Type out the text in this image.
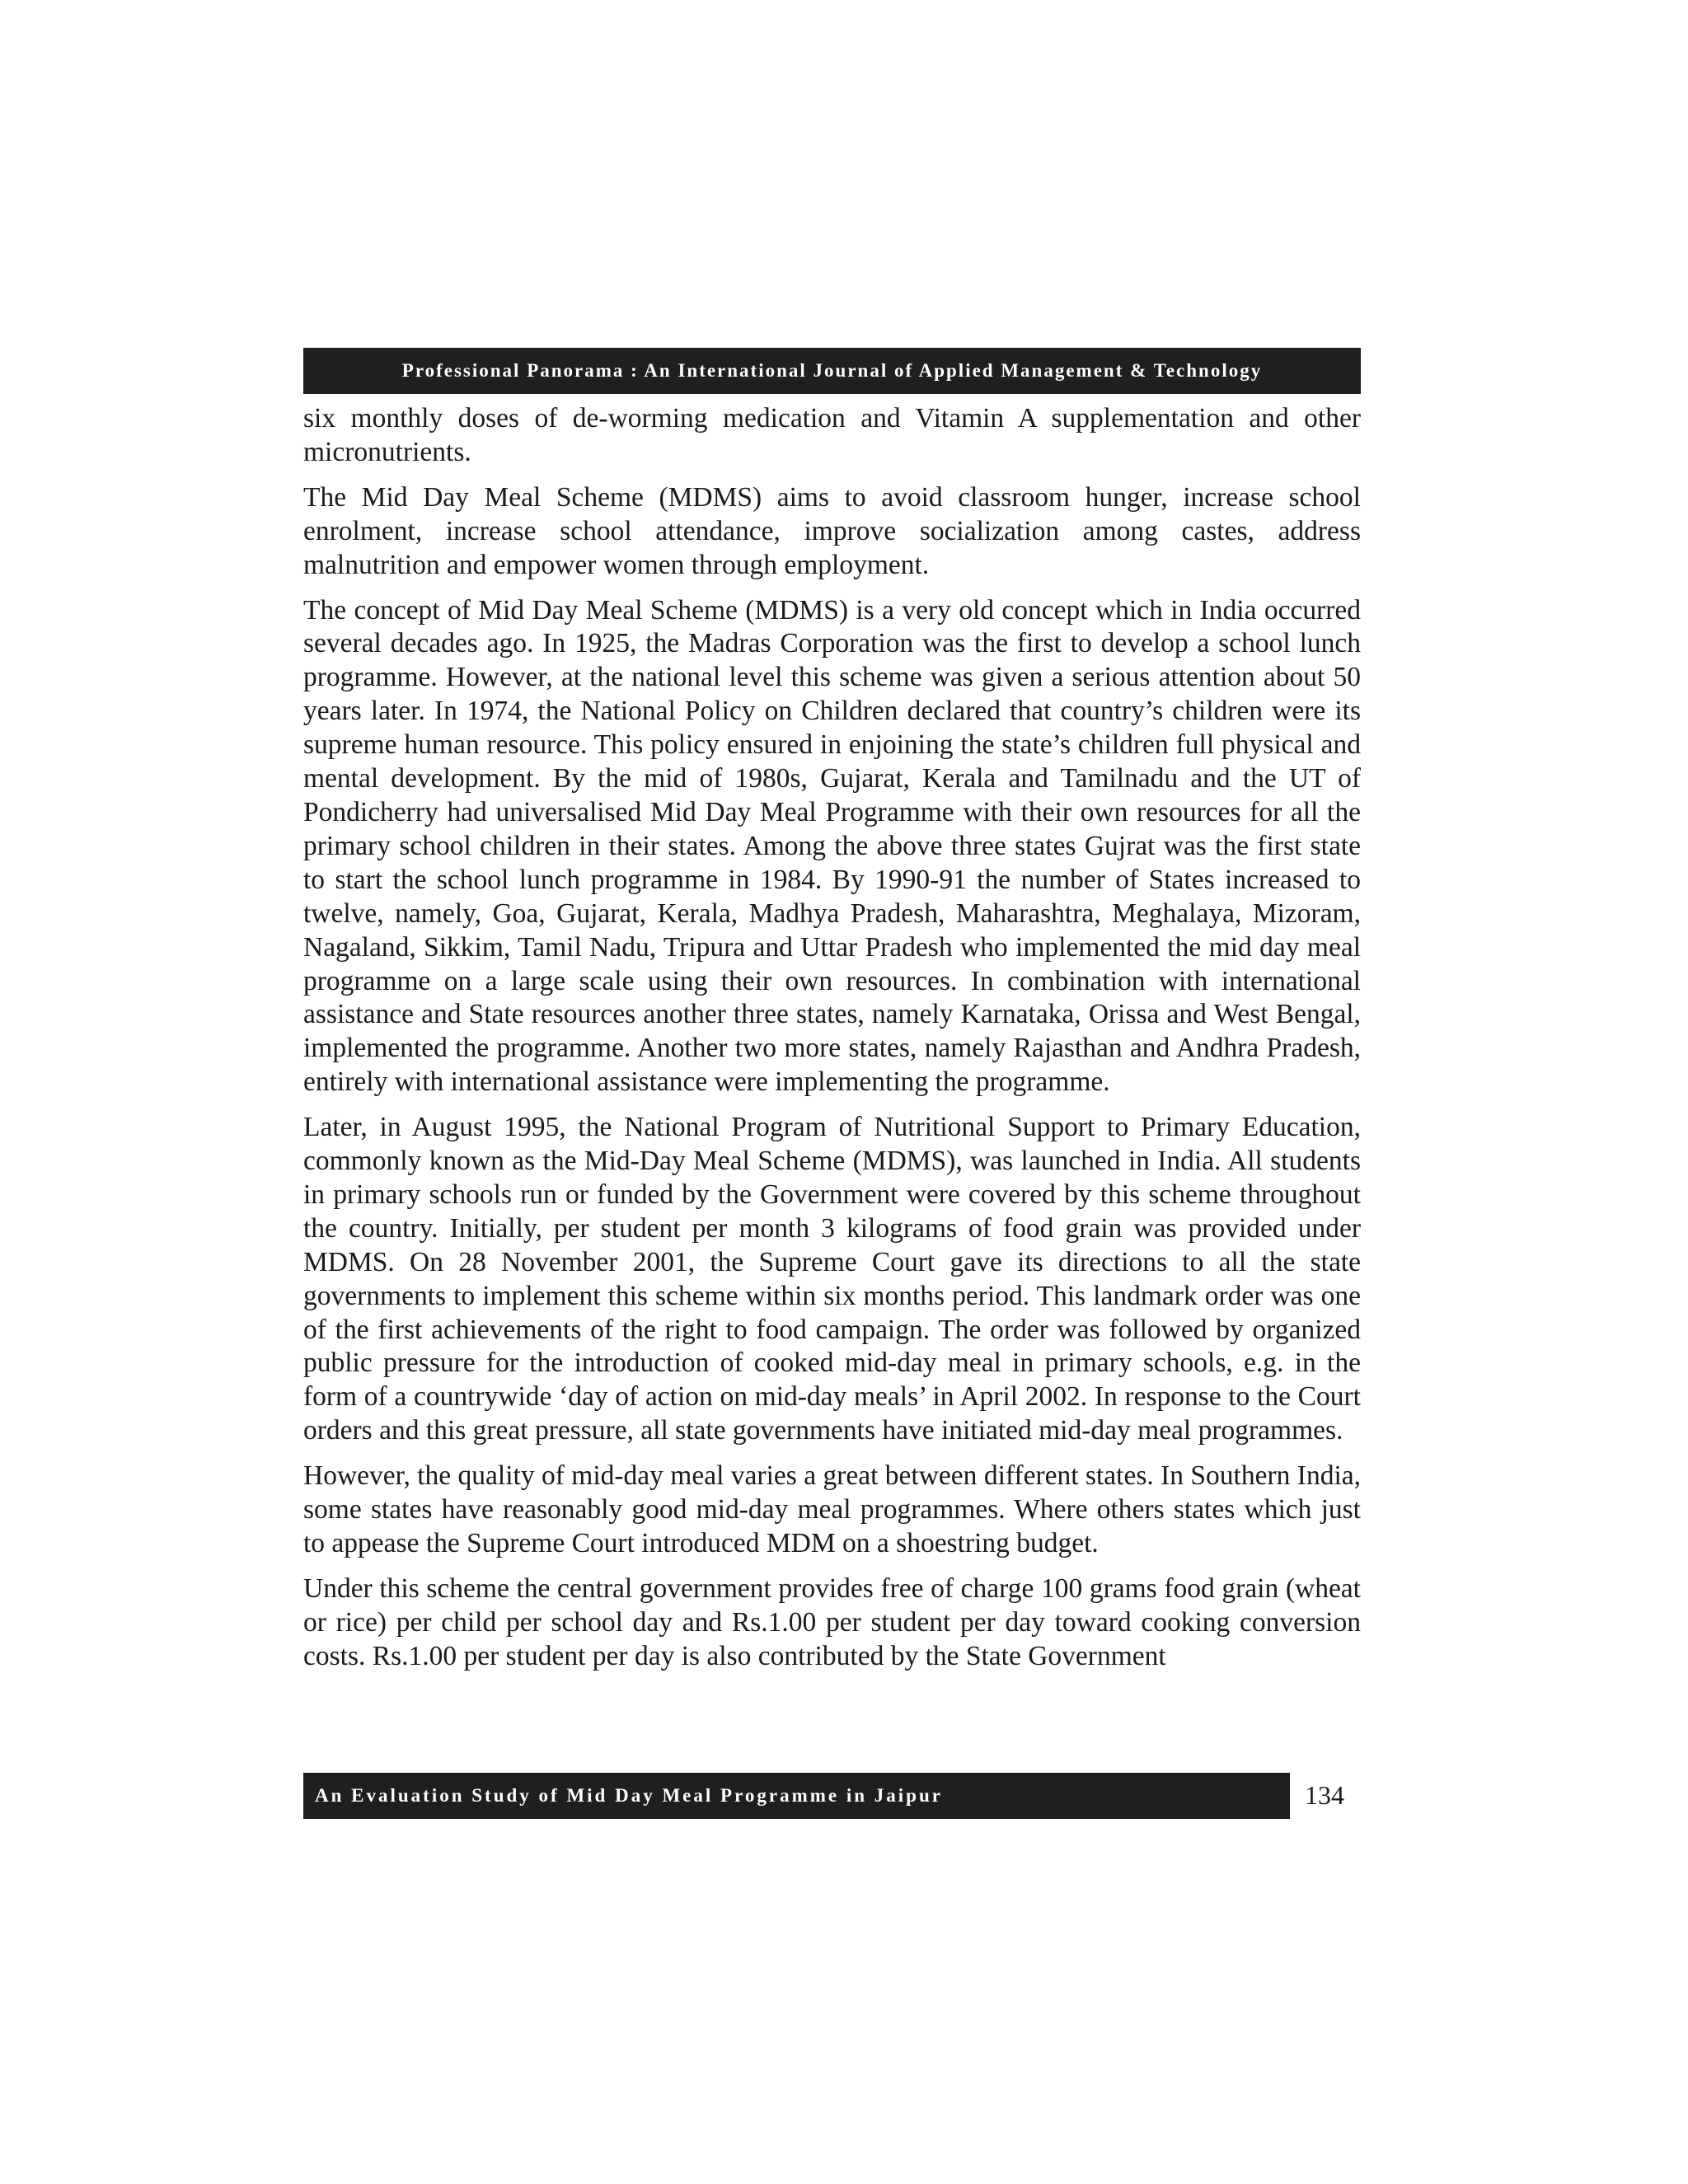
Professional Panorama : An International Journal of Applied Management & Technology

six monthly doses of de-worming medication and Vitamin A supplementation and other micronutrients.

The Mid Day Meal Scheme (MDMS) aims to avoid classroom hunger, increase school enrolment, increase school attendance, improve socialization among castes, address malnutrition and empower women through employment.

The concept of Mid Day Meal Scheme (MDMS) is a very old concept which in India occurred several decades ago. In 1925, the Madras Corporation was the first to develop a school lunch programme. However, at the national level this scheme was given a serious attention about 50 years later. In 1974, the National Policy on Children declared that country’s children were its supreme human resource. This policy ensured in enjoining the state’s children full physical and mental development. By the mid of 1980s, Gujarat, Kerala and Tamilnadu and the UT of Pondicherry had universalised Mid Day Meal Programme with their own resources for all the primary school children in their states. Among the above three states Gujrat was the first state to start the school lunch programme in 1984. By 1990-91 the number of States increased to twelve, namely, Goa, Gujarat, Kerala, Madhya Pradesh, Maharashtra, Meghalaya, Mizoram, Nagaland, Sikkim, Tamil Nadu, Tripura and Uttar Pradesh who implemented the mid day meal programme on a large scale using their own resources. In combination with international assistance and State resources another three states, namely Karnataka, Orissa and West Bengal, implemented the programme. Another two more states, namely Rajasthan and Andhra Pradesh, entirely with international assistance were implementing the programme.

Later, in August 1995, the National Program of Nutritional Support to Primary Education, commonly known as the Mid-Day Meal Scheme (MDMS), was launched in India. All students in primary schools run or funded by the Government were covered by this scheme throughout the country. Initially, per student per month 3 kilograms of food grain was provided under MDMS. On 28 November 2001, the Supreme Court gave its directions to all the state governments to implement this scheme within six months period. This landmark order was one of the first achievements of the right to food campaign. The order was followed by organized public pressure for the introduction of cooked mid-day meal in primary schools, e.g. in the form of a countrywide ‘day of action on mid-day meals’ in April 2002. In response to the Court orders and this great pressure, all state governments have initiated mid-day meal programmes.

However, the quality of mid-day meal varies a great between different states. In Southern India, some states have reasonably good mid-day meal programmes. Where others states which just to appease the Supreme Court introduced MDM on a shoestring budget.

Under this scheme the central government provides free of charge 100 grams food grain (wheat or rice) per child per school day and Rs.1.00 per student per day toward cooking conversion costs. Rs.1.00 per student per day is also contributed by the State Government

An Evaluation Study of Mid Day Meal Programme in Jaipur	134
